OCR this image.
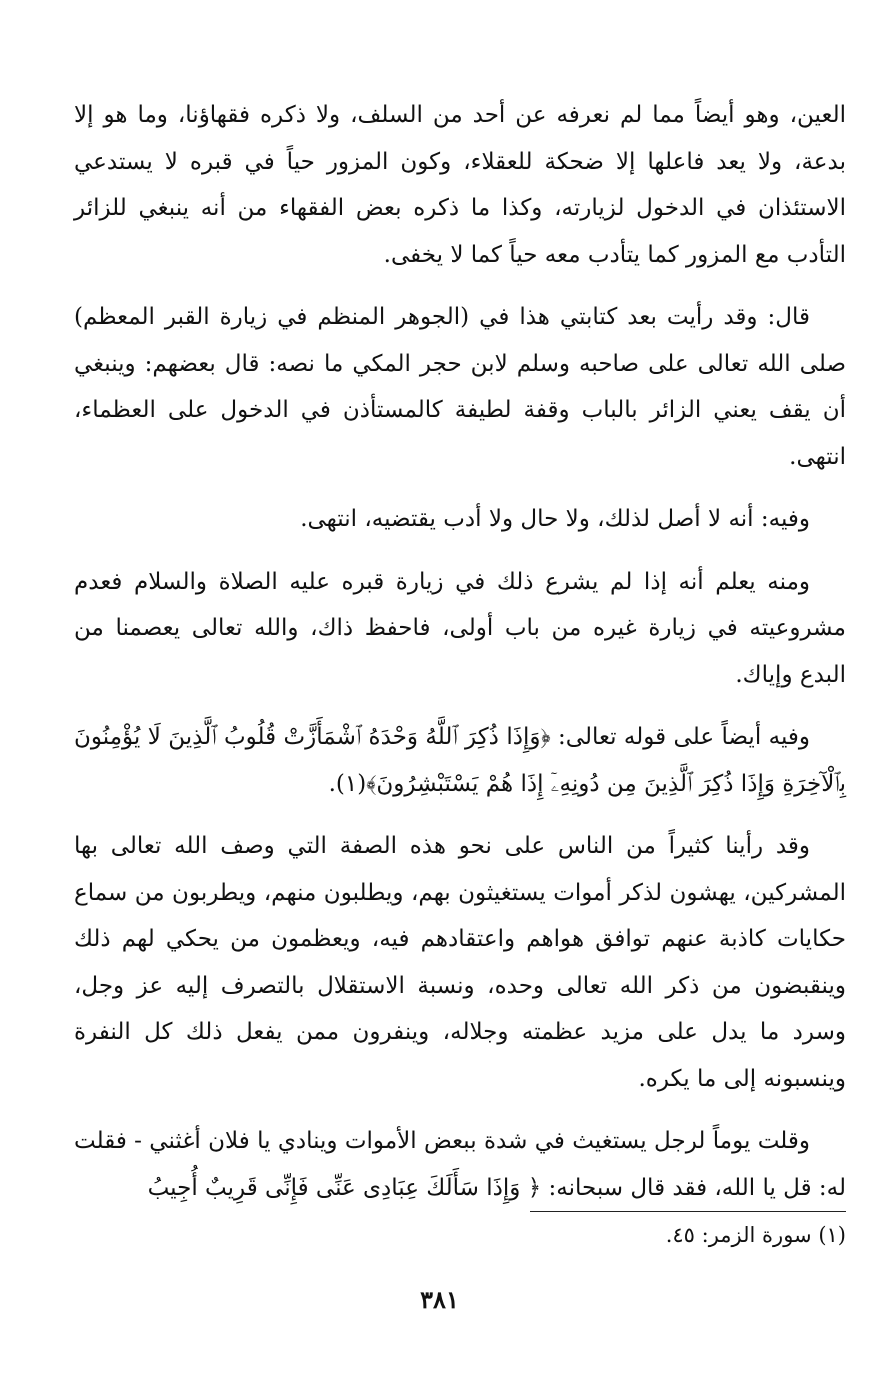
العين، وهو أيضاً مما لم نعرفه عن أحد من السلف، ولا ذكره فقهاؤنا، وما هو إلا بدعة، ولا يعد فاعلها إلا ضحكة للعقلاء، وكون المزور حياً في قبره لا يستدعي الاستئذان في الدخول لزيارته، وكذا ما ذكره بعض الفقهاء من أنه ينبغي للزائر التأدب مع المزور كما يتأدب معه حياً كما لا يخفى.

قال: وقد رأيت بعد كتابتي هذا في (الجوهر المنظم في زيارة القبر المعظم) صلى الله تعالى على صاحبه وسلم لابن حجر المكي ما نصه: قال بعضهم: وينبغي أن يقف يعني الزائر بالباب وقفة لطيفة كالمستأذن في الدخول على العظماء، انتهى.

وفيه: أنه لا أصل لذلك، ولا حال ولا أدب يقتضيه، انتهى.

ومنه يعلم أنه إذا لم يشرع ذلك في زيارة قبره عليه الصلاة والسلام فعدم مشروعيته في زيارة غيره من باب أولى، فاحفظ ذاك، والله تعالى يعصمنا من البدع وإياك.

وفيه أيضاً على قوله تعالى: ﴿وَإِذَا ذُكِرَ ٱللَّهُ وَحْدَهُ ٱشْمَأَزَّتْ قُلُوبُ ٱلَّذِينَ لَا يُؤْمِنُونَ بِٱلْآخِرَةِ وَإِذَا ذُكِرَ ٱلَّذِينَ مِن دُونِهِۦٓ إِذَا هُمْ يَسْتَبْشِرُونَ﴾(١).

وقد رأينا كثيراً من الناس على نحو هذه الصفة التي وصف الله تعالى بها المشركين، يهشون لذكر أموات يستغيثون بهم، ويطلبون منهم، ويطربون من سماع حكايات كاذبة عنهم توافق هواهم واعتقادهم فيه، ويعظمون من يحكي لهم ذلك وينقبضون من ذكر الله تعالى وحده، ونسبة الاستقلال بالتصرف إليه عز وجل، وسرد ما يدل على مزيد عظمته وجلاله، وينفرون ممن يفعل ذلك كل النفرة وينسبونه إلى ما يكره.

وقلت يوماً لرجل يستغيث في شدة ببعض الأموات وينادي يا فلان أغثني - فقلت له: قل يا الله، فقد قال سبحانه: ﴿ وَإِذَا سَأَلَكَ عِبَادِى عَنِّى فَإِنِّى قَرِيبٌ أُجِيبُ

(١) سورة الزمر: ٤٥.
٣٨١
